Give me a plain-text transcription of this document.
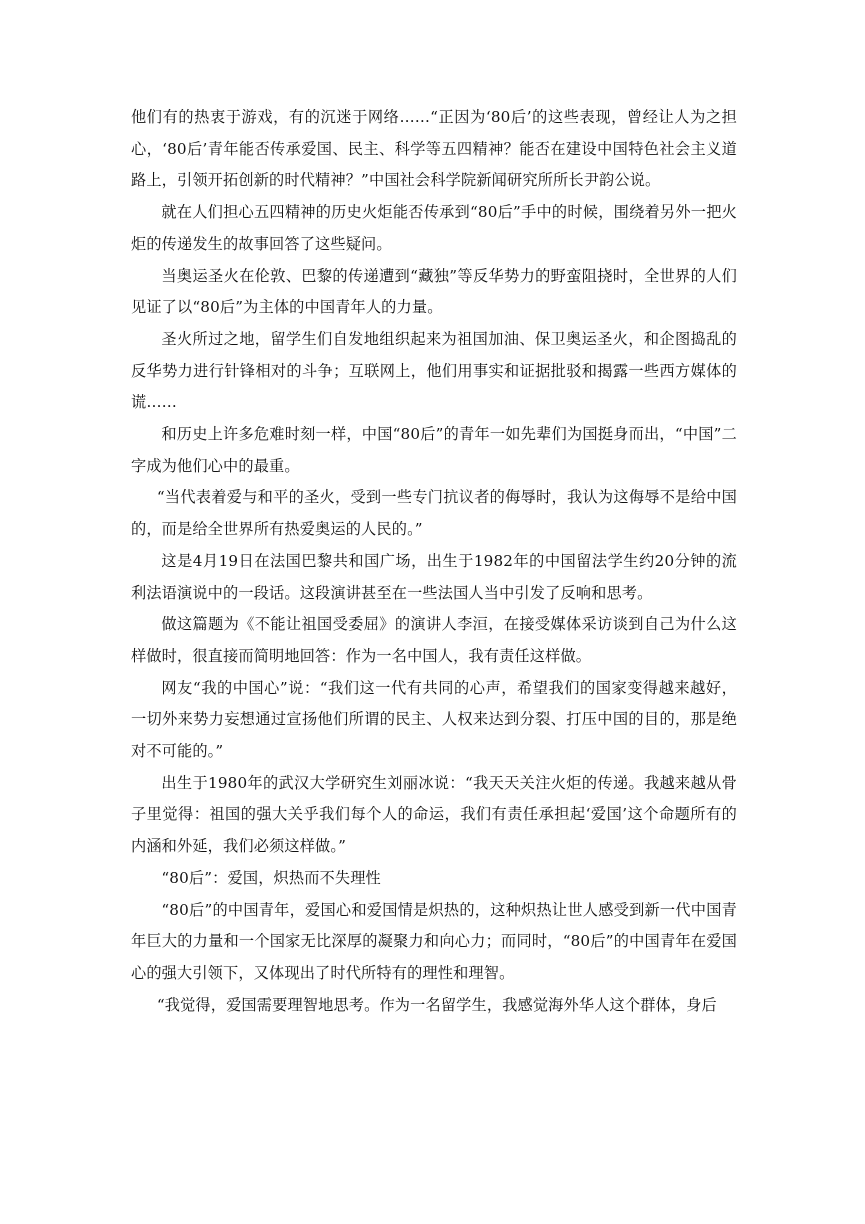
他们有的热衷于游戏，有的沉迷于网络……“正因为‘80后’的这些表现，曾经让人为之担心，‘80后’青年能否传承爱国、民主、科学等五四精神？能否在建设中国特色社会主义道路上，引领开拓创新的时代精神？”中国社会科学院新闻研究所所长尹韵公说。

就在人们担心五四精神的历史火炬能否传承到“80后”手中的时候，围绕着另外一把火炬的传递发生的故事回答了这些疑问。

当奥运圣火在伦敦、巴黎的传递遭到“藏独”等反华势力的野蛮阻挠时，全世界的人们见证了以“80后”为主体的中国青年人的力量。

圣火所过之地，留学生们自发地组织起来为祖国加油、保卫奥运圣火，和企图捣乱的反华势力进行针锋相对的斗争；互联网上，他们用事实和证据批驳和揭露一些西方媒体的谎……

和历史上许多危难时刻一样，中国“80后”的青年一如先辈们为国挺身而出，“中国”二字成为他们心中的最重。

“当代表着爱与和平的圣火，受到一些专门抗议者的侮辱时，我认为这侮辱不是给中国的，而是给全世界所有热爱奥运的人民的。”

这是4月19日在法国巴黎共和国广场，出生于1982年的中国留法学生约20分钟的流利法语演说中的一段话。这段演讲甚至在一些法国人当中引发了反响和思考。

做这篇题为《不能让祖国受委屈》的演讲人李洹，在接受媒体采访谈到自己为什么这样做时，很直接而简明地回答：作为一名中国人，我有责任这样做。

网友“我的中国心”说：“我们这一代有共同的心声，希望我们的国家变得越来越好，一切外来势力妄想通过宣扬他们所谓的民主、人权来达到分裂、打压中国的目的，那是绝对不可能的。”

出生于1980年的武汉大学研究生刘丽冰说：“我天天关注火炬的传递。我越来越从骨子里觉得：祖国的强大关乎我们每个人的命运，我们有责任承担起‘爱国’这个命题所有的内涵和外延，我们必须这样做。”

“80后”：爱国，炽热而不失理性

“80后”的中国青年，爱国心和爱国情是炽热的，这种炽热让世人感受到新一代中国青年巨大的力量和一个国家无比深厚的凝聚力和向心力；而同时，“80后”的中国青年在爱国心的强大引领下，又体现出了时代所特有的理性和理智。

“我觉得，爱国需要理智地思考。作为一名留学生，我感觉海外华人这个群体，身后
